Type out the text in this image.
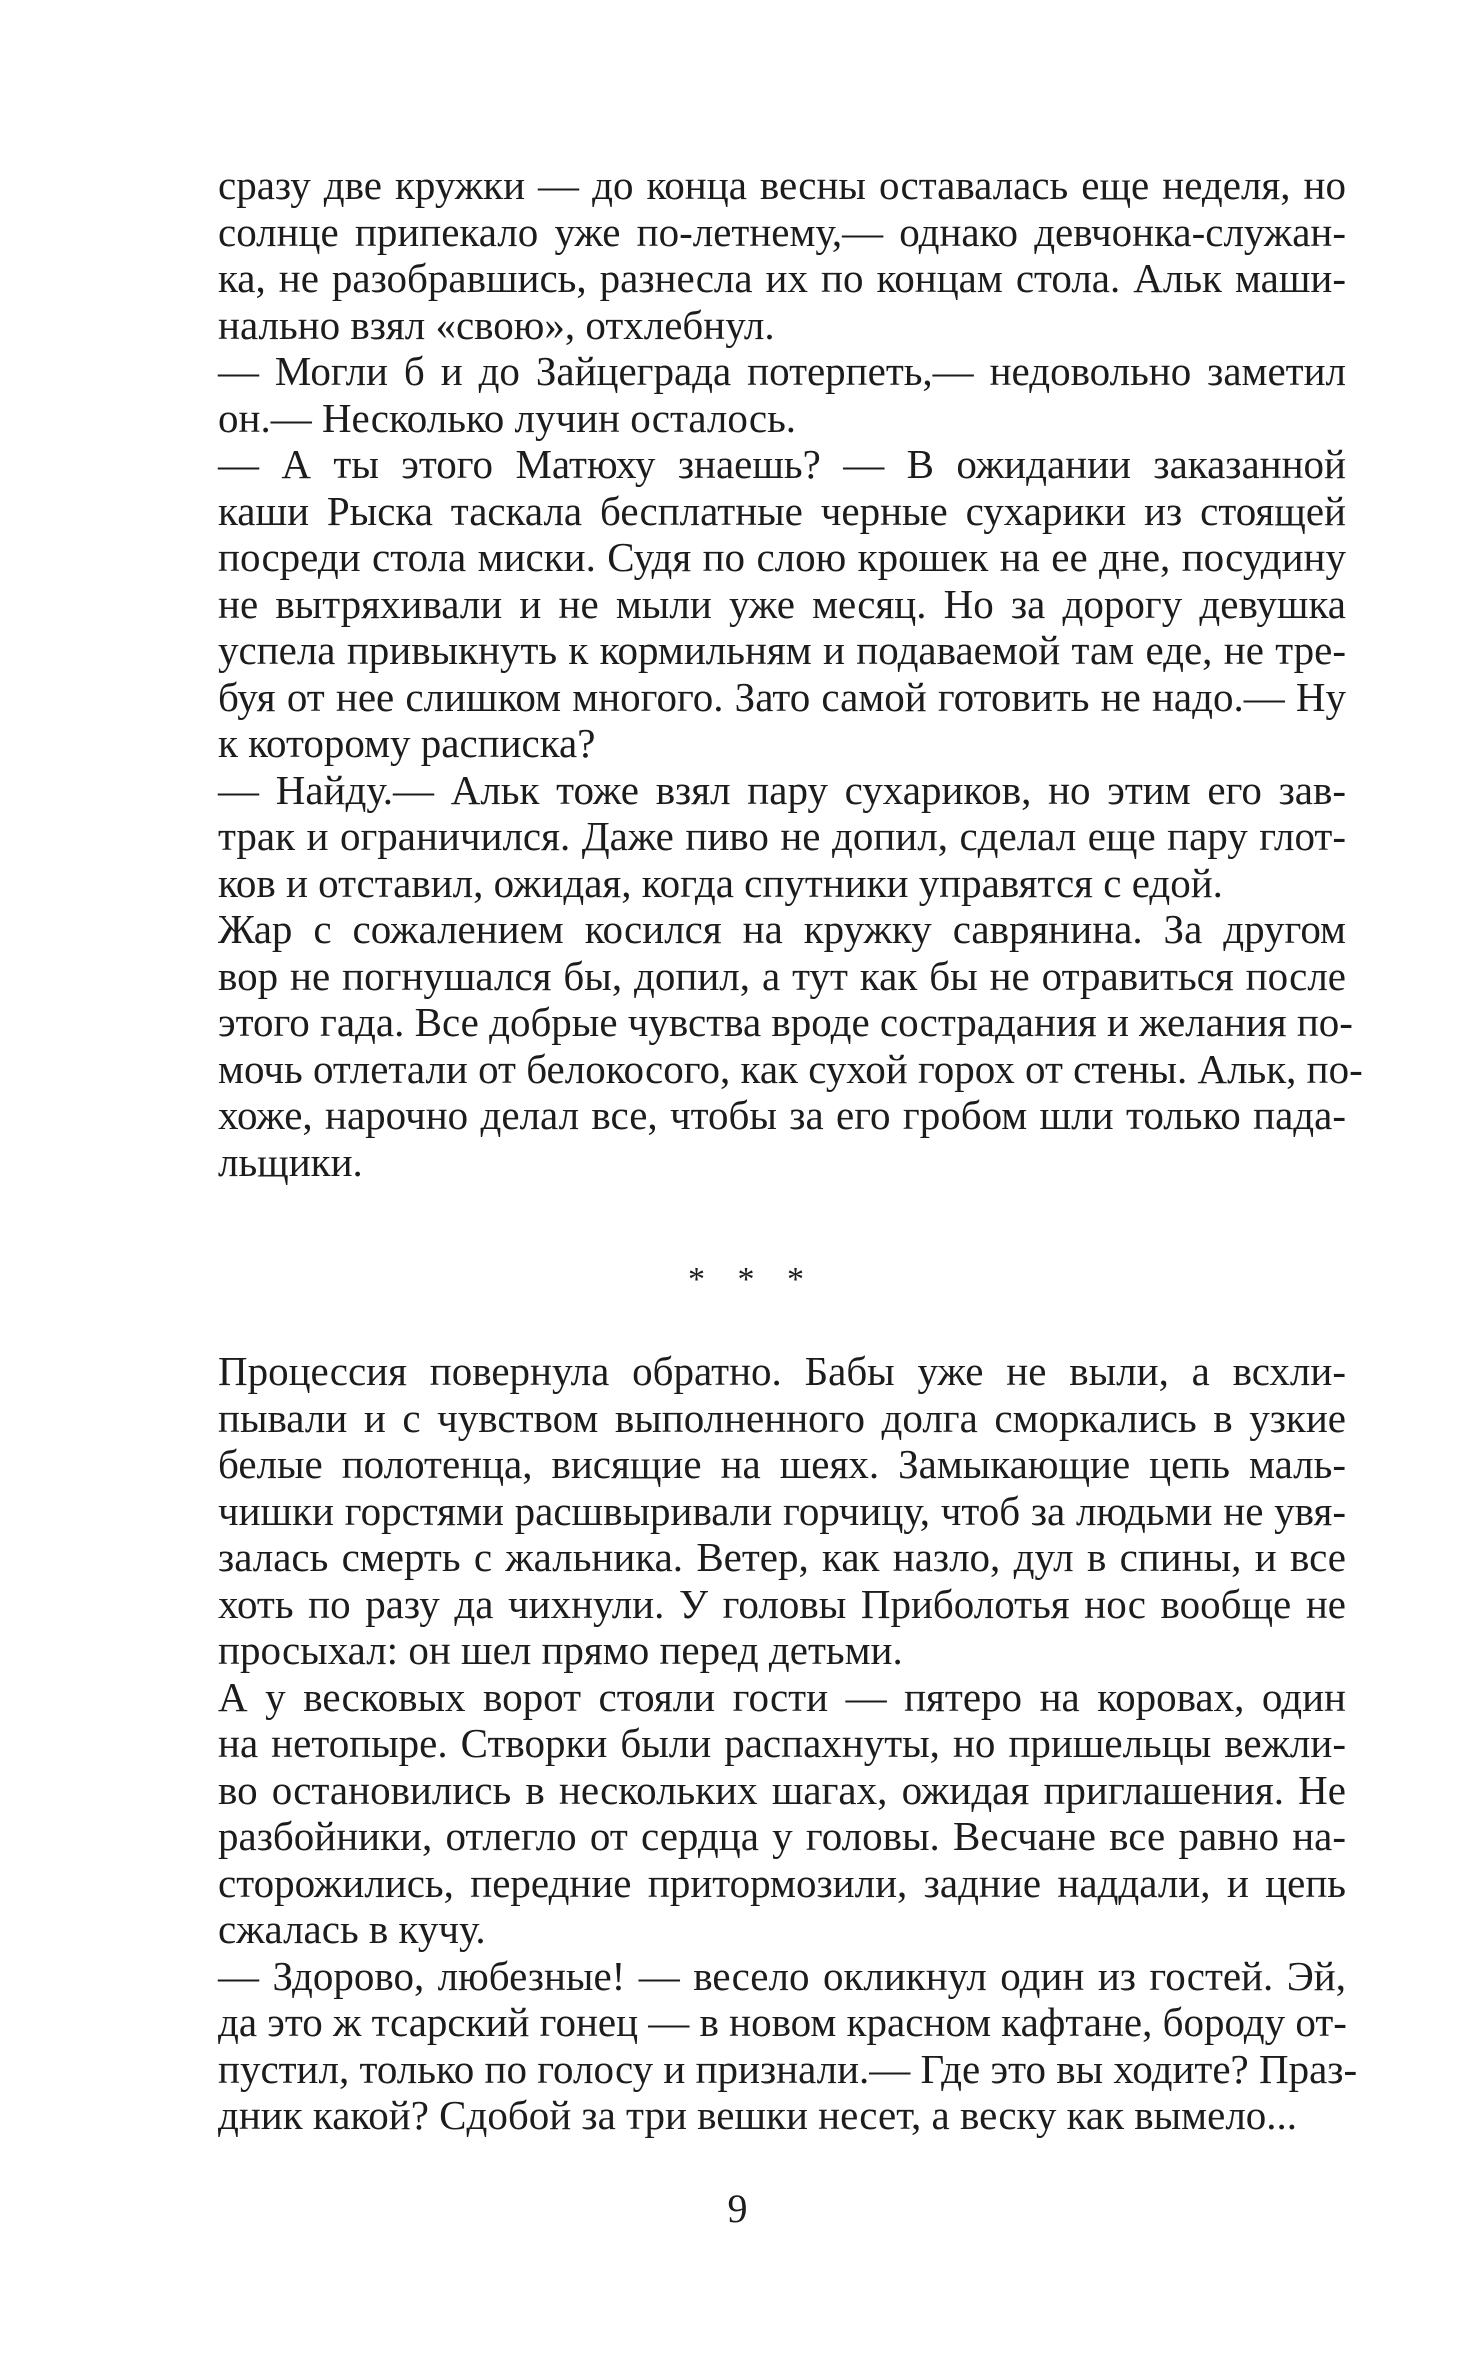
сразу две кружки — до конца весны оставалась еще неделя, но
солнце припекало уже по-летнему,— однако девчонка-служан-
ка, не разобравшись, разнесла их по концам стола. Альк маши-
нально взял «свою», отхлебнул.

— Могли б и до Зайцеграда потерпеть,— недовольно заметил
он.— Несколько лучин осталось.

— А ты этого Матюху знаешь? — В ожидании заказанной
каши Рыска таскала бесплатные черные сухарики из стоящей
посреди стола миски. Судя по слою крошек на ее дне, посудину
не вытряхивали и не мыли уже месяц. Но за дорогу девушка
успела привыкнуть к кормильням и подаваемой там еде, не тре-
буя от нее слишком многого. Зато самой готовить не надо.— Ну
к которому расписка?

— Найду.— Альк тоже взял пару сухариков, но этим его зав-
трак и ограничился. Даже пиво не допил, сделал еще пару глот-
ков и отставил, ожидая, когда спутники управятся с едой.

Жар с сожалением косился на кружку саврянина. За другом
вор не погнушался бы, допил, а тут как бы не отравиться после
этого гада. Все добрые чувства вроде сострадания и желания по-
мочь отлетали от белокосого, как сухой горох от стены. Альк, по-
хоже, нарочно делал все, чтобы за его гробом шли только пада-
льщики.

* * *

Процессия повернула обратно. Бабы уже не выли, а всхли-
пывали и с чувством выполненного долга сморкались в узкие
белые полотенца, висящие на шеях. Замыкающие цепь маль-
чишки горстями расшвыривали горчицу, чтоб за людьми не увя-
залась смерть с жальника. Ветер, как назло, дул в спины, и все
хоть по разу да чихнули. У головы Приболотья нос вообще не
просыхал: он шел прямо перед детьми.

А у весковых ворот стояли гости — пятеро на коровах, один
на нетопыре. Створки были распахнуты, но пришельцы вежли-
во остановились в нескольких шагах, ожидая приглашения. Не
разбойники, отлегло от сердца у головы. Весчане все равно на-
сторожились, передние притормозили, задние наддали, и цепь
сжалась в кучу.

— Здорово, любезные! — весело окликнул один из гостей. Эй,
да это ж тсарский гонец — в новом красном кафтане, бороду от-
пустил, только по голосу и признали.— Где это вы ходите? Праз-
дник какой? Сдобой за три вешки несет, а веску как вымело...

9
